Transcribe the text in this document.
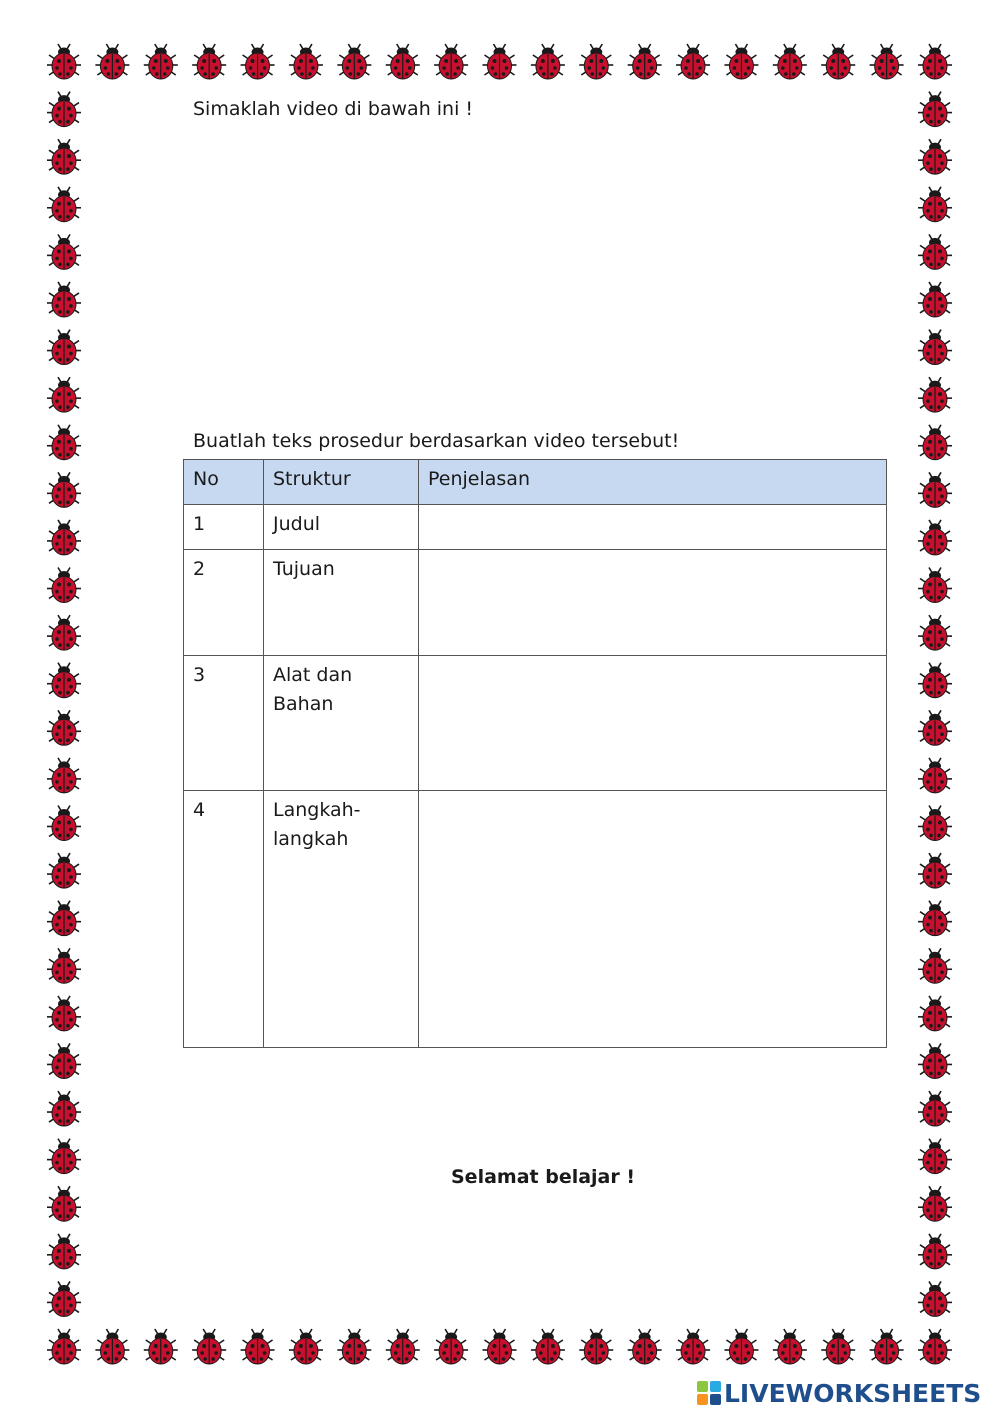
Simaklah video di bawah ini !
Buatlah teks prosedur berdasarkan video tersebut!
No	Struktur	Penjelasan
1	Judul	
2	Tujuan	
3	Alat dan Bahan	
4	Langkah-langkah	
Selamat belajar !
LIVEWORKSHEETS
